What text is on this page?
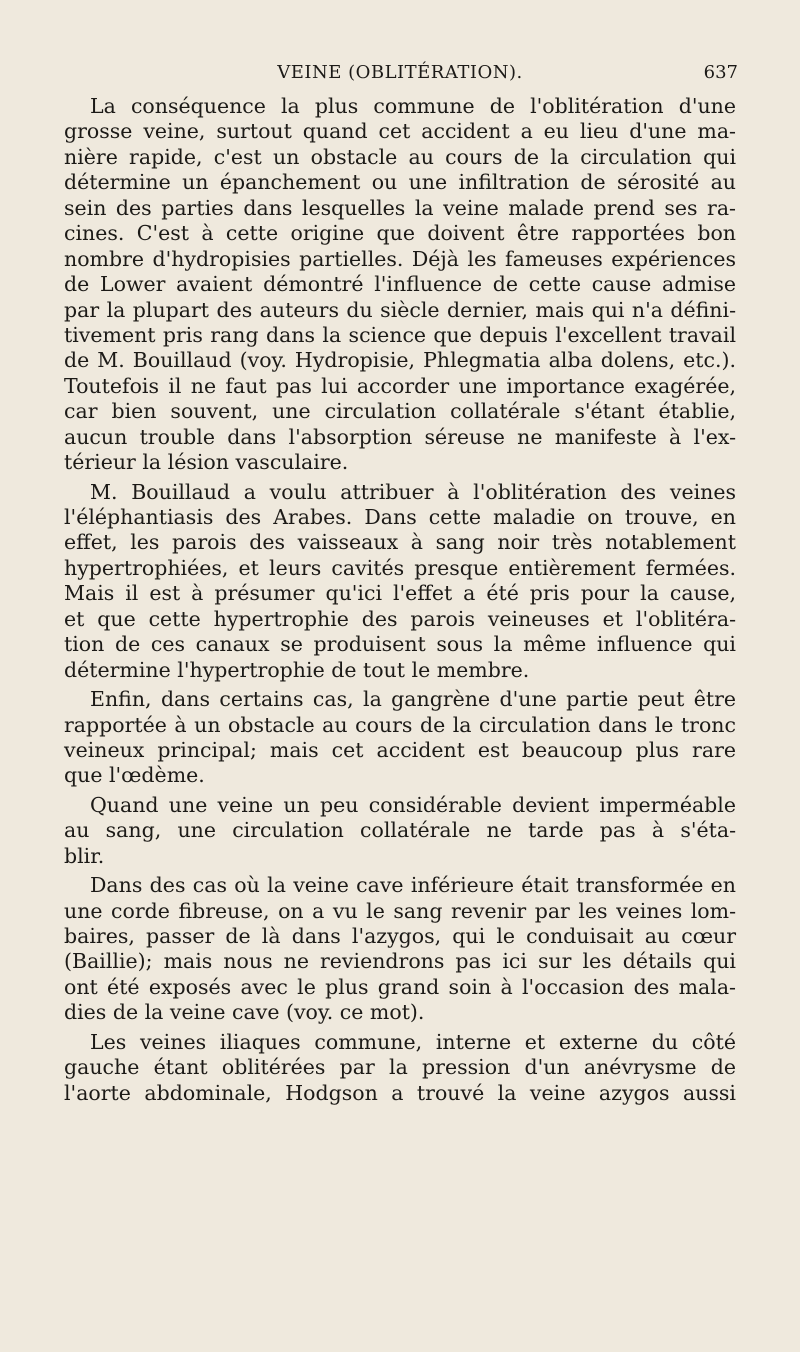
VEINE (OBLITÉRATION).	637
La conséquence la plus commune de l'oblitération d'une
grosse veine, surtout quand cet accident a eu lieu d'une ma-
nière rapide, c'est un obstacle au cours de la circulation qui
détermine un épanchement ou une infiltration de sérosité au
sein des parties dans lesquelles la veine malade prend ses ra-
cines. C'est à cette origine que doivent être rapportées bon
nombre d'hydropisies partielles. Déjà les fameuses expériences
de Lower avaient démontré l'influence de cette cause admise
par la plupart des auteurs du siècle dernier, mais qui n'a défini-
tivement pris rang dans la science que depuis l'excellent travail
de M. Bouillaud (voy. Hydropisie, Phlegmatia alba dolens, etc.).
Toutefois il ne faut pas lui accorder une importance exagérée,
car bien souvent, une circulation collatérale s'étant établie,
aucun trouble dans l'absorption séreuse ne manifeste à l'ex-
térieur la lésion vasculaire.
M. Bouillaud a voulu attribuer à l'oblitération des veines
l'éléphantiasis des Arabes. Dans cette maladie on trouve, en
effet, les parois des vaisseaux à sang noir très notablement
hypertrophiées, et leurs cavités presque entièrement fermées.
Mais il est à présumer qu'ici l'effet a été pris pour la cause,
et que cette hypertrophie des parois veineuses et l'oblitéra-
tion de ces canaux se produisent sous la même influence qui
détermine l'hypertrophie de tout le membre.
Enfin, dans certains cas, la gangrène d'une partie peut être
rapportée à un obstacle au cours de la circulation dans le tronc
veineux principal; mais cet accident est beaucoup plus rare
que l'œdème.
Quand une veine un peu considérable devient imperméable
au sang, une circulation collatérale ne tarde pas à s'éta-
blir.
Dans des cas où la veine cave inférieure était transformée en
une corde fibreuse, on a vu le sang revenir par les veines lom-
baires, passer de là dans l'azygos, qui le conduisait au cœur
(Baillie); mais nous ne reviendrons pas ici sur les détails qui
ont été exposés avec le plus grand soin à l'occasion des mala-
dies de la veine cave (voy. ce mot).
Les veines iliaques commune, interne et externe du côté
gauche étant oblitérées par la pression d'un anévrysme de
l'aorte abdominale, Hodgson a trouvé la veine azygos aussi
